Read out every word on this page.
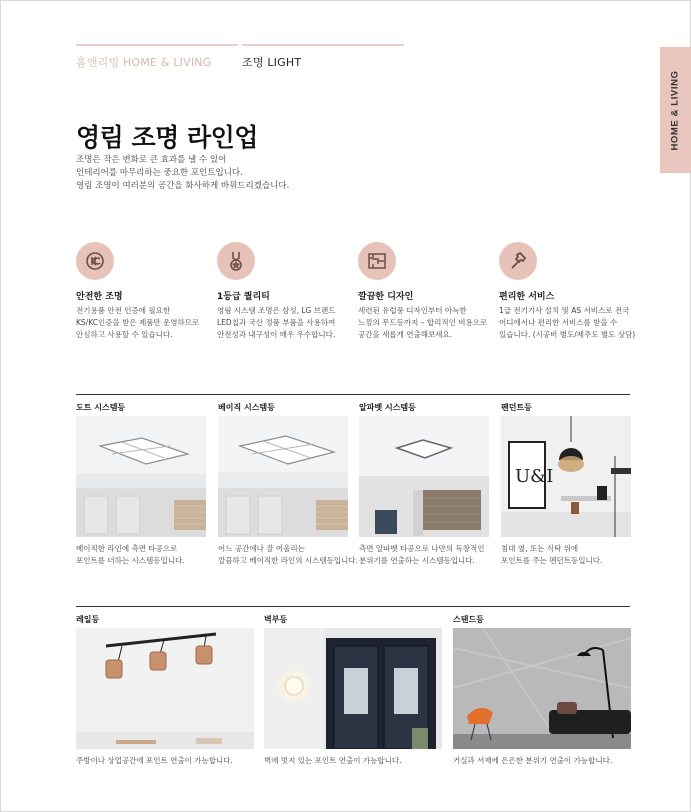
홈앤리빙 HOME & LIVING	조명 LIGHT
HOME & LIVING
영림 조명 라인업
조명은 작은 변화로 큰 효과를 낼 수 있어
인테리어를 마무리하는 중요한 포인트입니다.
영림 조명이 여러분의 공간을 화사하게 바꿔드리겠습니다.
안전한 조명
전기용품 안전 인증에 필요한
KS/KC인증을 받은 제품만 운영하므로
안심하고 사용할 수 있습니다.
1등급 퀄리티
영림 시스템 조명은 삼성, LG 브랜드
LED칩과 국산 정품 부품을 사용하여
안전성과 내구성이 매우 우수합니다.
깔끔한 디자인
세련된 유럽풍 디자인부터 아늑한
느낌의 무드등까지 – 합리적인 비용으로
공간을 새롭게 연출해보세요.
편리한 서비스
1급 전기기사 설치 및 AS 서비스로 전국
어디에서나 편리한 서비스를 받을 수
있습니다. (시공비 별도/제주도 별도 상담)
도트 시스템등
베이직한 라인에 측면 타공으로
포인트를 더하는 시스템등입니다.
베이직 시스템등
어느 공간에나 잘 어울리는
깔끔하고 베이직한 라인의 시스템등입니다.
알파벳 시스템등
측면 알파벳 타공으로 나만의 독창적인
분위기를 연출하는 시스템등입니다.
펜던트등
U&I
침대 옆, 또는 식탁 위에
포인트를 주는 펜던트등입니다.
레일등
주방이나 상업공간에 포인트 연출이 가능합니다.
벽부등
벽에 멋지 있는 포인트 연출이 가능합니다.
스탠드등
거실과 서재에 은은한 분위기 연출이 가능합니다.
